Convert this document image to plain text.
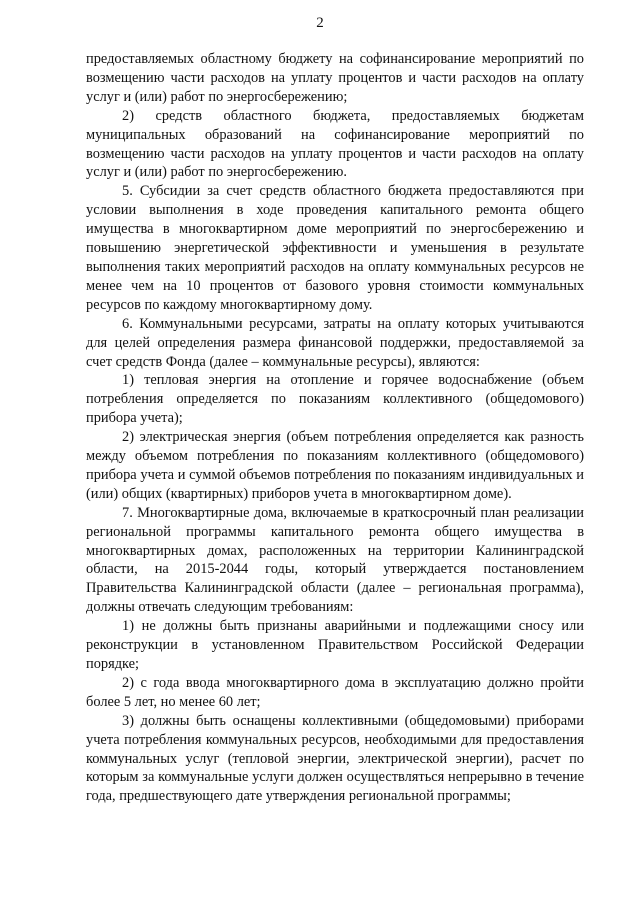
2

предоставляемых областному бюджету на софинансирование мероприятий по возмещению части расходов на уплату процентов и части расходов на оплату услуг и (или) работ по энергосбережению;

2) средств областного бюджета, предоставляемых бюджетам муниципальных образований на софинансирование мероприятий по возмещению части расходов на уплату процентов и части расходов на оплату услуг и (или) работ по энергосбережению.

5. Субсидии за счет средств областного бюджета предоставляются при условии выполнения в ходе проведения капитального ремонта общего имущества в многоквартирном доме мероприятий по энергосбережению и повышению энергетической эффективности и уменьшения в результате выполнения таких мероприятий расходов на оплату коммунальных ресурсов не менее чем на 10 процентов от базового уровня стоимости коммунальных ресурсов по каждому многоквартирному дому.

6. Коммунальными ресурсами, затраты на оплату которых учитываются для целей определения размера финансовой поддержки, предоставляемой за счет средств Фонда (далее – коммунальные ресурсы), являются:

1) тепловая энергия на отопление и горячее водоснабжение (объем потребления определяется по показаниям коллективного (общедомового) прибора учета);

2) электрическая энергия (объем потребления определяется как разность между объемом потребления по показаниям коллективного (общедомового) прибора учета и суммой объемов потребления по показаниям индивидуальных и (или) общих (квартирных) приборов учета в многоквартирном доме).

7. Многоквартирные дома, включаемые в краткосрочный план реализации региональной программы капитального ремонта общего имущества в многоквартирных домах, расположенных на территории Калининградской области, на 2015-2044 годы, который утверждается постановлением Правительства Калининградской области (далее – региональная программа), должны отвечать следующим требованиям:

1) не должны быть признаны аварийными и подлежащими сносу или реконструкции в установленном Правительством Российской Федерации порядке;

2) с года ввода многоквартирного дома в эксплуатацию должно пройти более 5 лет, но менее 60 лет;

3) должны быть оснащены коллективными (общедомовыми) приборами учета потребления коммунальных ресурсов, необходимыми для предоставления коммунальных услуг (тепловой энергии, электрической энергии), расчет по которым за коммунальные услуги должен осуществляться непрерывно в течение года, предшествующего дате утверждения региональной программы;
